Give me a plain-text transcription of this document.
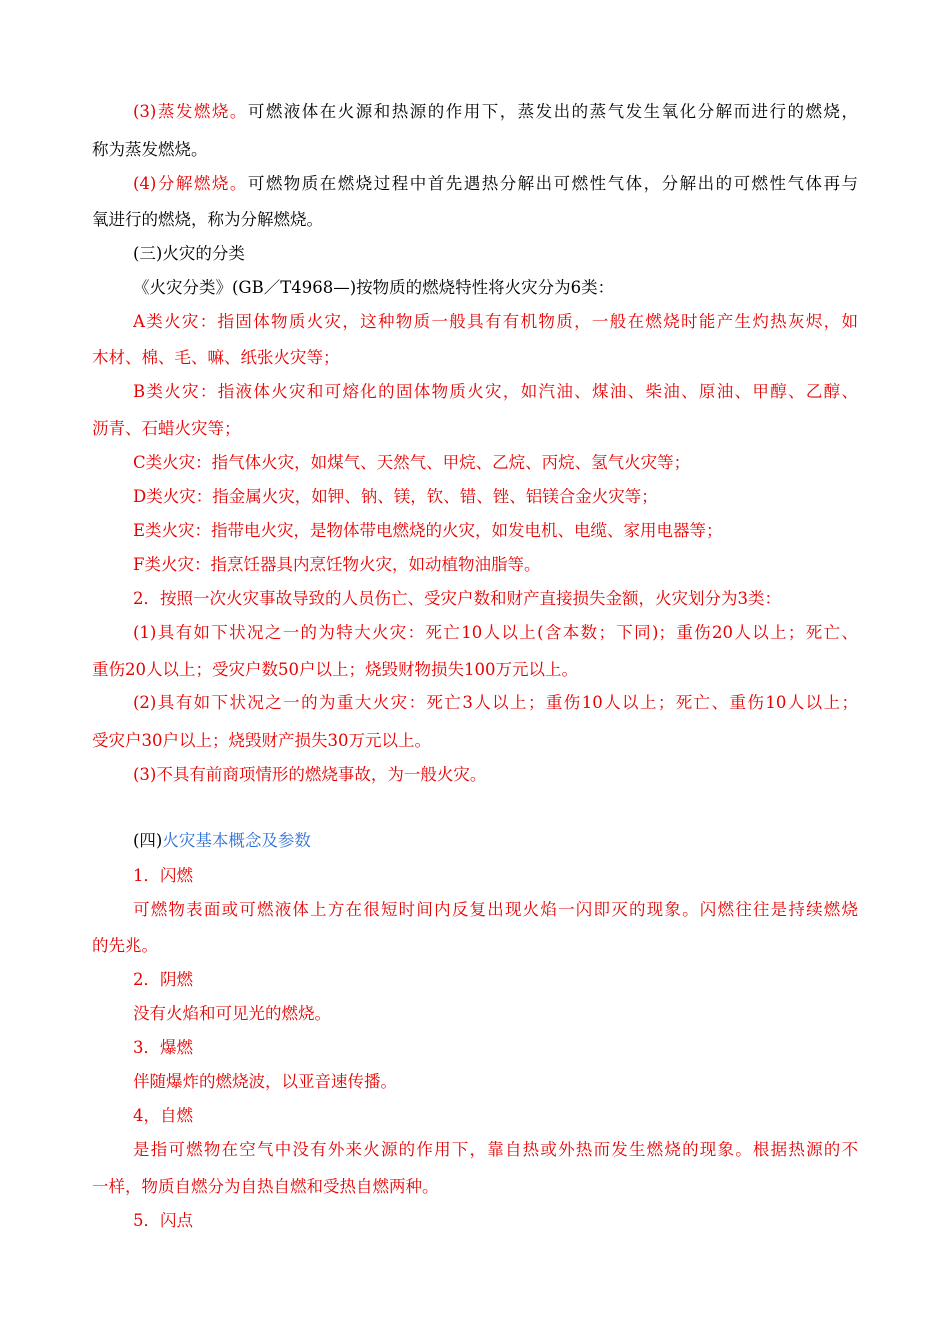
(3)蒸发燃烧。可燃液体在火源和热源的作用下，蒸发出的蒸气发生氧化分解而进行的燃烧，
称为蒸发燃烧。
(4)分解燃烧。可燃物质在燃烧过程中首先遇热分解出可燃性气体，分解出的可燃性气体再与
氧进行的燃烧，称为分解燃烧。
(三)火灾的分类
《火灾分类》(GB／T4968—)按物质的燃烧特性将火灾分为6类：
A类火灾：指固体物质火灾，这种物质一般具有有机物质，一般在燃烧时能产生灼热灰烬，如
木材、棉、毛、嘛、纸张火灾等；
B类火灾：指液体火灾和可熔化的固体物质火灾，如汽油、煤油、柴油、原油、甲醇、乙醇、
沥青、石蜡火灾等；
C类火灾：指气体火灾，如煤气、天然气、甲烷、乙烷、丙烷、氢气火灾等；
D类火灾：指金属火灾，如钾、钠、镁，钦、错、锉、铝镁合金火灾等；
E类火灾：指带电火灾，是物体带电燃烧的火灾，如发电机、电缆、家用电器等；
F类火灾：指烹饪器具内烹饪物火灾，如动植物油脂等。
2．按照一次火灾事故导致的人员伤亡、受灾户数和财产直接损失金额，火灾划分为3类：
(1)具有如下状况之一的为特大火灾：死亡10人以上(含本数；下同)；重伤20人以上；死亡、
重伤20人以上；受灾户数50户以上；烧毁财物损失100万元以上。
(2)具有如下状况之一的为重大火灾：死亡3人以上；重伤10人以上；死亡、重伤10人以上；
受灾户30户以上；烧毁财产损失30万元以上。
(3)不具有前商项情形的燃烧事故，为一般火灾。
(四)火灾基本概念及参数
1．闪燃
可燃物表面或可燃液体上方在很短时间内反复出现火焰一闪即灭的现象。闪燃往往是持续燃烧
的先兆。
2．阴燃
没有火焰和可见光的燃烧。
3．爆燃
伴随爆炸的燃烧波，以亚音速传播。
4，自燃
是指可燃物在空气中没有外来火源的作用下，靠自热或外热而发生燃烧的现象。根据热源的不
一样，物质自燃分为自热自燃和受热自燃两种。
5．闪点
